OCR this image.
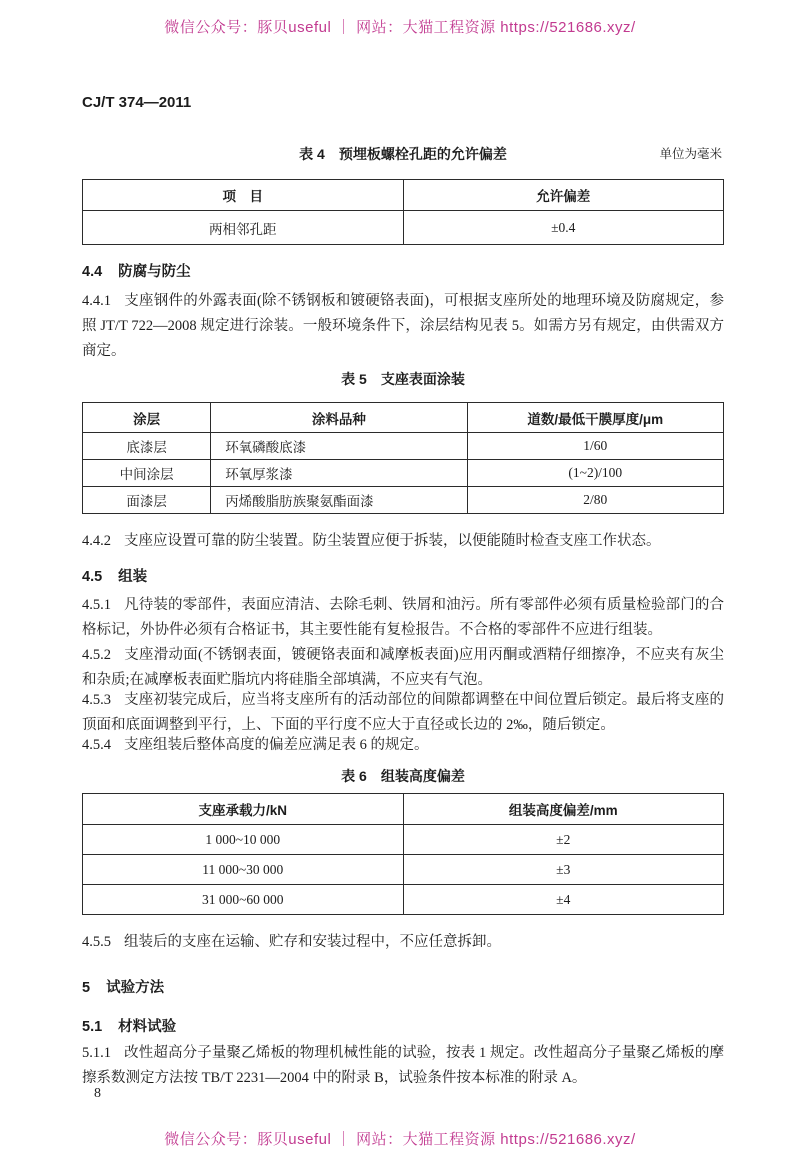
微信公众号：豚贝useful ｜ 网站：大猫工程资源 https://521686.xyz/
CJ/T 374—2011
表 4　预埋板螺栓孔距的允许偏差	单位为毫米
项　目	允许偏差
两相邻孔距	±0.4
4.4 防腐与防尘
4.4.1 支座钢件的外露表面(除不锈钢板和镀硬铬表面)，可根据支座所处的地理环境及防腐规定，参照 JT/T 722—2008 规定进行涂装。一般环境条件下，涂层结构见表 5。如需方另有规定，由供需双方商定。
表 5　支座表面涂装
涂层	涂料品种	道数/最低干膜厚度/μm
底漆层	环氧磷酸底漆	1/60
中间涂层	环氧厚浆漆	(1~2)/100
面漆层	丙烯酸脂肪族聚氨酯面漆	2/80
4.4.2 支座应设置可靠的防尘装置。防尘装置应便于拆装，以便能随时检查支座工作状态。
4.5 组装
4.5.1 凡待装的零部件，表面应清洁、去除毛刺、铁屑和油污。所有零部件必须有质量检验部门的合格标记，外协件必须有合格证书，其主要性能有复检报告。不合格的零部件不应进行组装。
4.5.2 支座滑动面(不锈钢表面，镀硬铬表面和减摩板表面)应用丙酮或酒精仔细擦净，不应夹有灰尘和杂质;在减摩板表面贮脂坑内将硅脂全部填满，不应夹有气泡。
4.5.3 支座初装完成后，应当将支座所有的活动部位的间隙都调整在中间位置后锁定。最后将支座的顶面和底面调整到平行，上、下面的平行度不应大于直径或长边的 2‰，随后锁定。
4.5.4 支座组装后整体高度的偏差应满足表 6 的规定。
表 6　组装高度偏差
支座承载力/kN	组装高度偏差/mm
1 000~10 000	±2
11 000~30 000	±3
31 000~60 000	±4
4.5.5 组装后的支座在运输、贮存和安装过程中，不应任意拆卸。
5 试验方法
5.1 材料试验
5.1.1 改性超高分子量聚乙烯板的物理机械性能的试验，按表 1 规定。改性超高分子量聚乙烯板的摩擦系数测定方法按 TB/T 2231—2004 中的附录 B，试验条件按本标准的附录 A。
8
微信公众号：豚贝useful ｜ 网站：大猫工程资源 https://521686.xyz/
